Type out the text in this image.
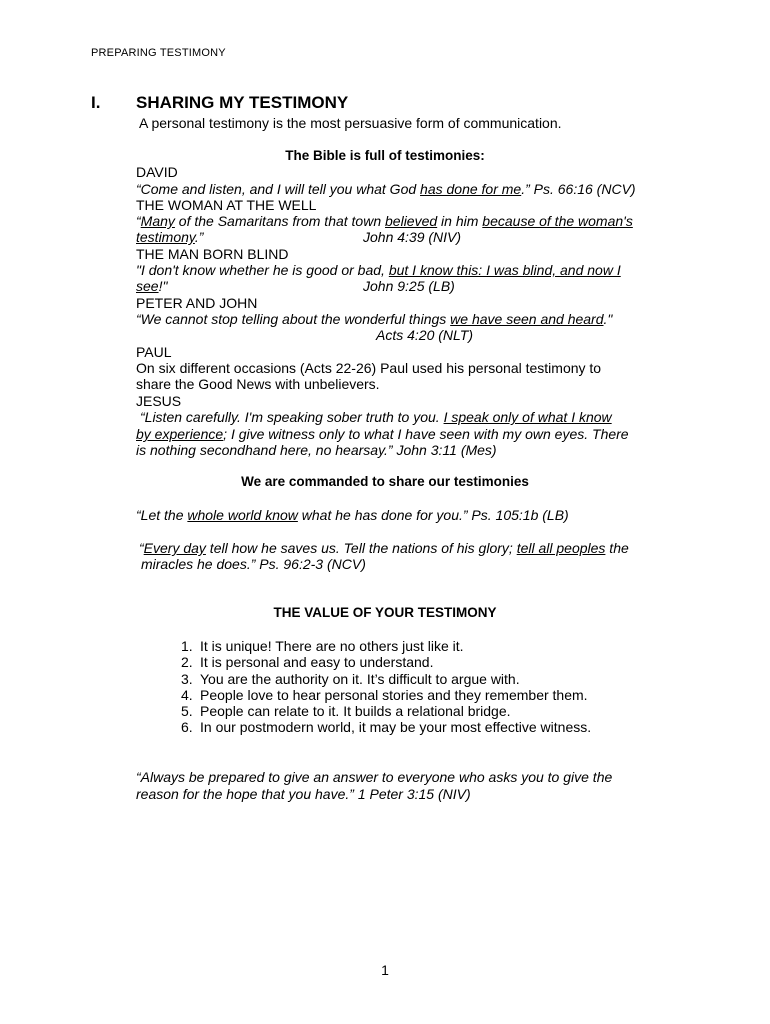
PREPARING TESTIMONY
I. SHARING MY TESTIMONY
A personal testimony is the most persuasive form of communication.
The Bible is full of testimonies:
DAVID
“Come and listen, and I will tell you what God has done for me.” Ps. 66:16 (NCV)
THE WOMAN AT THE WELL
“Many of the Samaritans from that town believed in him because of the woman's
testimony.”	John 4:39 (NIV)
THE MAN BORN BLIND
"I don't know whether he is good or bad, but I know this: I was blind, and now I
see!"	John 9:25 (LB)
PETER AND JOHN
“We cannot stop telling about the wonderful things we have seen and heard."
Acts 4:20 (NLT)
PAUL
On six different occasions (Acts 22-26) Paul used his personal testimony to
share the Good News with unbelievers.
JESUS
“Listen carefully. I'm speaking sober truth to you. I speak only of what I know
by experience; I give witness only to what I have seen with my own eyes. There
is nothing secondhand here, no hearsay.” John 3:11 (Mes)
We are commanded to share our testimonies
“Let the whole world know what he has done for you.” Ps. 105:1b (LB)
“Every day tell how he saves us. Tell the nations of his glory; tell all peoples the
miracles he does.” Ps. 96:2-3 (NCV)
THE VALUE OF YOUR TESTIMONY
1. It is unique! There are no others just like it.
2. It is personal and easy to understand.
3. You are the authority on it. It’s difficult to argue with.
4. People love to hear personal stories and they remember them.
5. People can relate to it. It builds a relational bridge.
6. In our postmodern world, it may be your most effective witness.
“Always be prepared to give an answer to everyone who asks you to give the
reason for the hope that you have.” 1 Peter 3:15 (NIV)
1
